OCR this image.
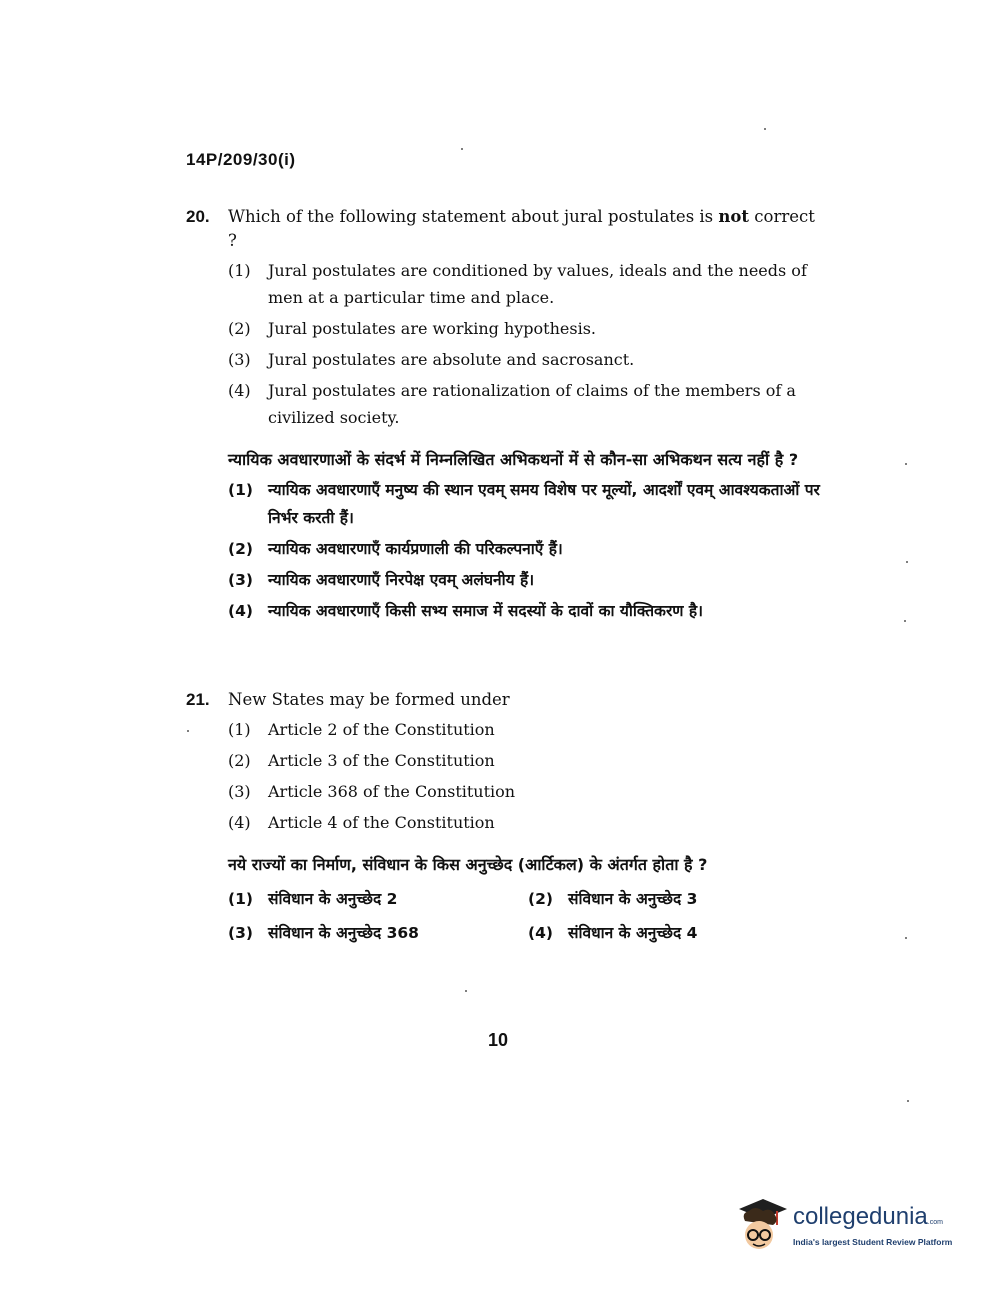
14P/209/30(i)
20.	Which of the following statement about jural postulates is not correct ?
(1)	Jural postulates are conditioned by values, ideals and the needs of men at a particular time and place.
(2)	Jural postulates are working hypothesis.
(3)	Jural postulates are absolute and sacrosanct.
(4)	Jural postulates are rationalization of claims of the members of a civilized society.
न्यायिक अवधारणाओं के संदर्भ में निम्नलिखित अभिकथनों में से कौन-सा अभिकथन सत्य नहीं है ?
(1) न्यायिक अवधारणाएँ मनुष्य की स्थान एवम् समय विशेष पर मूल्यों, आदर्शों एवम् आवश्यकताओं पर निर्भर करती हैं।
(2) न्यायिक अवधारणाएँ कार्यप्रणाली की परिकल्पनाएँ हैं।
(3) न्यायिक अवधारणाएँ निरपेक्ष एवम् अलंघनीय हैं।
(4) न्यायिक अवधारणाएँ किसी सभ्य समाज में सदस्यों के दावों का यौक्तिकरण है।
21.	New States may be formed under
(1)	Article 2 of the Constitution
(2)	Article 3 of the Constitution
(3)	Article 368 of the Constitution
(4)	Article 4 of the Constitution
नये राज्यों का निर्माण, संविधान के किस अनुच्छेद (आर्टिकल) के अंतर्गत होता है ?
(1) संविधान के अनुच्छेद 2	(2) संविधान के अनुच्छेद 3
(3) संविधान के अनुच्छेद 368	(4) संविधान के अनुच्छेद 4
10
collegedunia.com
India's largest Student Review Platform
